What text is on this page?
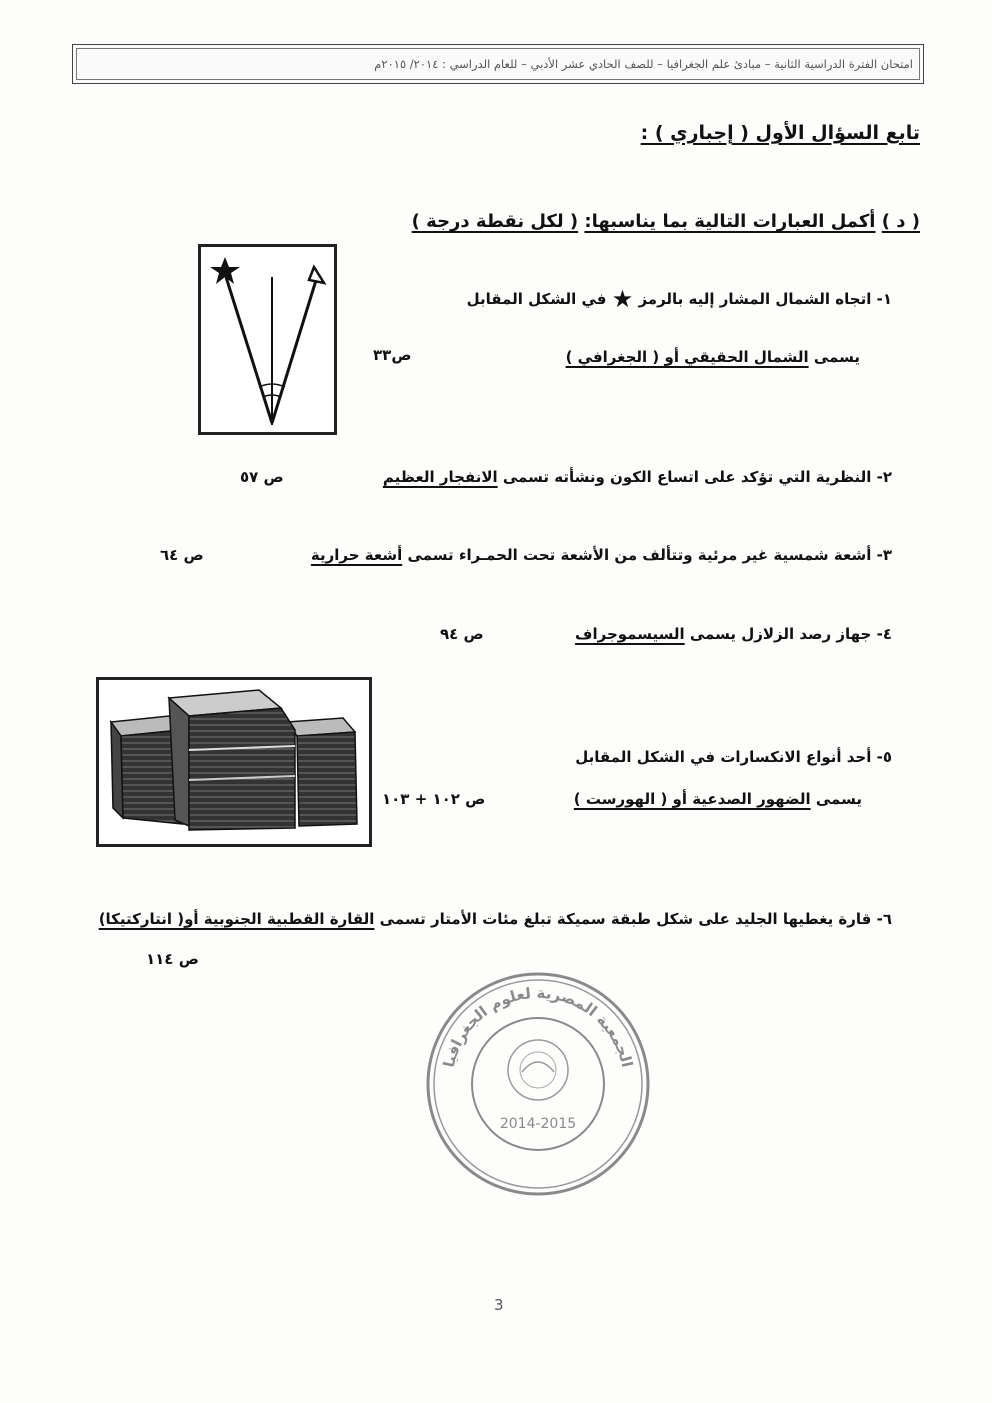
امتحان الفترة الدراسية الثانية – مبادئ علم الجغرافيا – للصف الحادي عشر الأدبي – للعام الدراسي : ٢٠١٤/ ٢٠١٥م
تابع السؤال الأول ( إجباري ) :
( د ) أكمل العبارات التالية بما يناسبها: ( لكل نقطة درجة )
١- اتجاه الشمال المشار إليه بالرمز ★ في الشكل المقابل
يسمى الشمال الحقيقي أو ( الجغرافي )
ص٣٣
٢- النظرية التي تؤكد على اتساع الكون ونشأته تسمى الانفجار العظيم
ص ٥٧
٣- أشعة شمسية غير مرئية وتتألف من الأشعة تحت الحمـراء تسمى أشعة حرارية
ص ٦٤
٤- جهاز رصد الزلازل يسمى السيسموجراف
ص ٩٤
٥- أحد أنواع الانكسارات في الشكل المقابل
يسمى الضهور الصدعية أو ( الهورست )
ص ١٠٢ + ١٠٣
٦- قارة يغطيها الجليد على شكل طبقة سميكة تبلغ مئات الأمتار تسمى القارة القطبية الجنوبية أو( انتاركتيكا)
ص ١١٤
الجمعية المصرية لعلوم الجغرافيا
2014-2015
3
